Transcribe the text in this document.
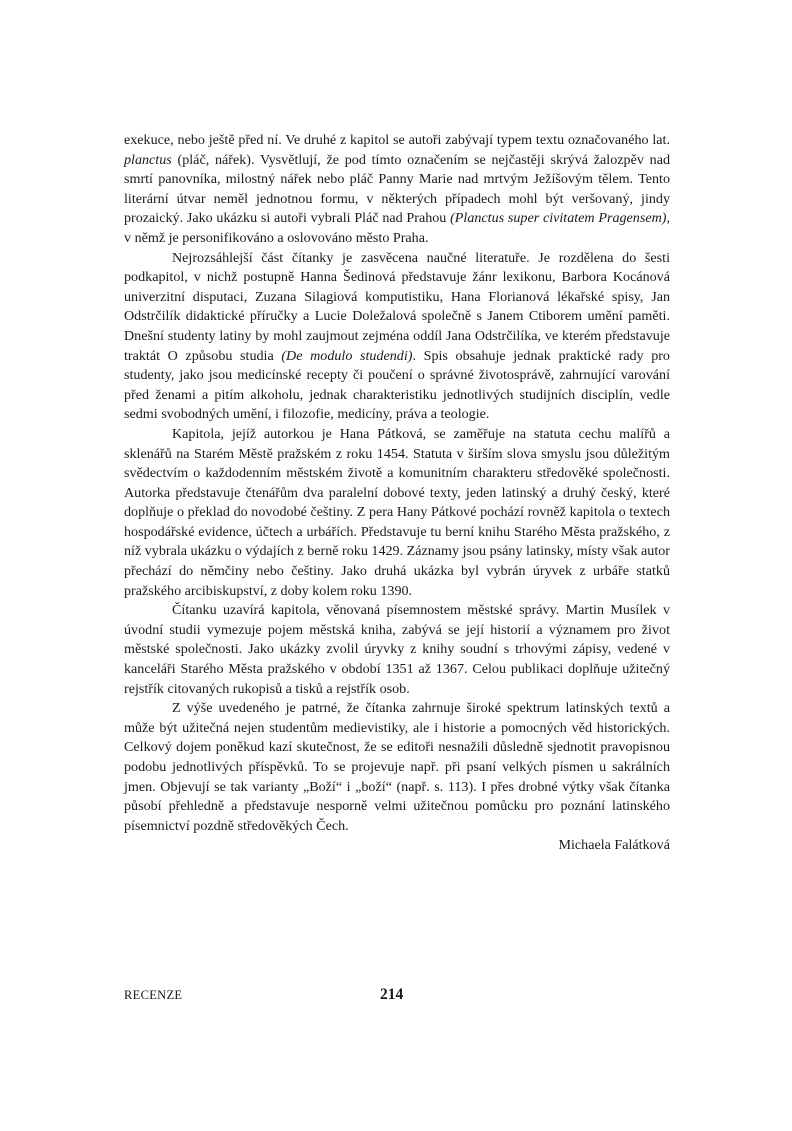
exekuce, nebo ještě před ní. Ve druhé z kapitol se autoři zabývají typem textu označovaného lat. planctus (pláč, nářek). Vysvětlují, že pod tímto označením se nejčastěji skrývá žalozpěv nad smrtí panovníka, milostný nářek nebo pláč Panny Marie nad mrtvým Ježíšovým tělem. Tento literární útvar neměl jednotnou formu, v některých případech mohl být veršovaný, jindy prozaický. Jako ukázku si autoři vybrali Pláč nad Prahou (Planctus super civitatem Pragensem), v němž je personifikováno a oslovováno město Praha.

Nejrozsáhlejší část čítanky je zasvěcena naučné literatuře. Je rozdělena do šesti podkapitol, v nichž postupně Hanna Šedinová představuje žánr lexikonu, Barbora Kocánová univerzitní disputaci, Zuzana Silagiová komputistiku, Hana Florianová lékařské spisy, Jan Odstrčilík didaktické příručky a Lucie Doležalová společně s Janem Ctiborem umění paměti. Dnešní studenty latiny by mohl zaujmout zejména oddíl Jana Odstrčilíka, ve kterém představuje traktát O způsobu studia (De modulo studendi). Spis obsahuje jednak praktické rady pro studenty, jako jsou medicínské recepty či poučení o správné životosprávě, zahrnující varování před ženami a pitím alkoholu, jednak charakteristiku jednotlivých studijních disciplín, vedle sedmi svobodných umění, i filozofie, medicíny, práva a teologie.

Kapitola, jejíž autorkou je Hana Pátková, se zaměřuje na statuta cechu malířů a sklenářů na Starém Městě pražském z roku 1454. Statuta v širším slova smyslu jsou důležitým svědectvím o každodenním městském životě a komunitním charakteru středověké společnosti. Autorka představuje čtenářům dva paralelní dobové texty, jeden latinský a druhý český, které doplňuje o překlad do novodobé češtiny. Z pera Hany Pátkové pochází rovněž kapitola o textech hospodářské evidence, účtech a urbářích. Představuje tu berní knihu Starého Města pražského, z níž vybrala ukázku o výdajích z berně roku 1429. Záznamy jsou psány latinsky, místy však autor přechází do němčiny nebo češtiny. Jako druhá ukázka byl vybrán úryvek z urbáře statků pražského arcibiskupství, z doby kolem roku 1390.

Čítanku uzavírá kapitola, věnovaná písemnostem městské správy. Martin Musílek v úvodní studii vymezuje pojem městská kniha, zabývá se její historií a významem pro život městské společnosti. Jako ukázky zvolil úryvky z knihy soudní s trhovými zápisy, vedené v kanceláři Starého Města pražského v období 1351 až 1367. Celou publikaci doplňuje užitečný rejstřík citovaných rukopisů a tisků a rejstřík osob.

Z výše uvedeného je patrné, že čítanka zahrnuje široké spektrum latinských textů a může být užitečná nejen studentům medievistiky, ale i historie a pomocných věd historických. Celkový dojem poněkud kazí skutečnost, že se editoři nesnažili důsledně sjednotit pravopisnou podobu jednotlivých příspěvků. To se projevuje např. při psaní velkých písmen u sakrálních jmen. Objevují se tak varianty „Boží“ i „boží“ (např. s. 113). I přes drobné výtky však čítanka působí přehledně a představuje nesporně velmi užitečnou pomůcku pro poznání latinského písemnictví pozdně středověkých Čech.

Michaela Falátková

RECENZE	214
